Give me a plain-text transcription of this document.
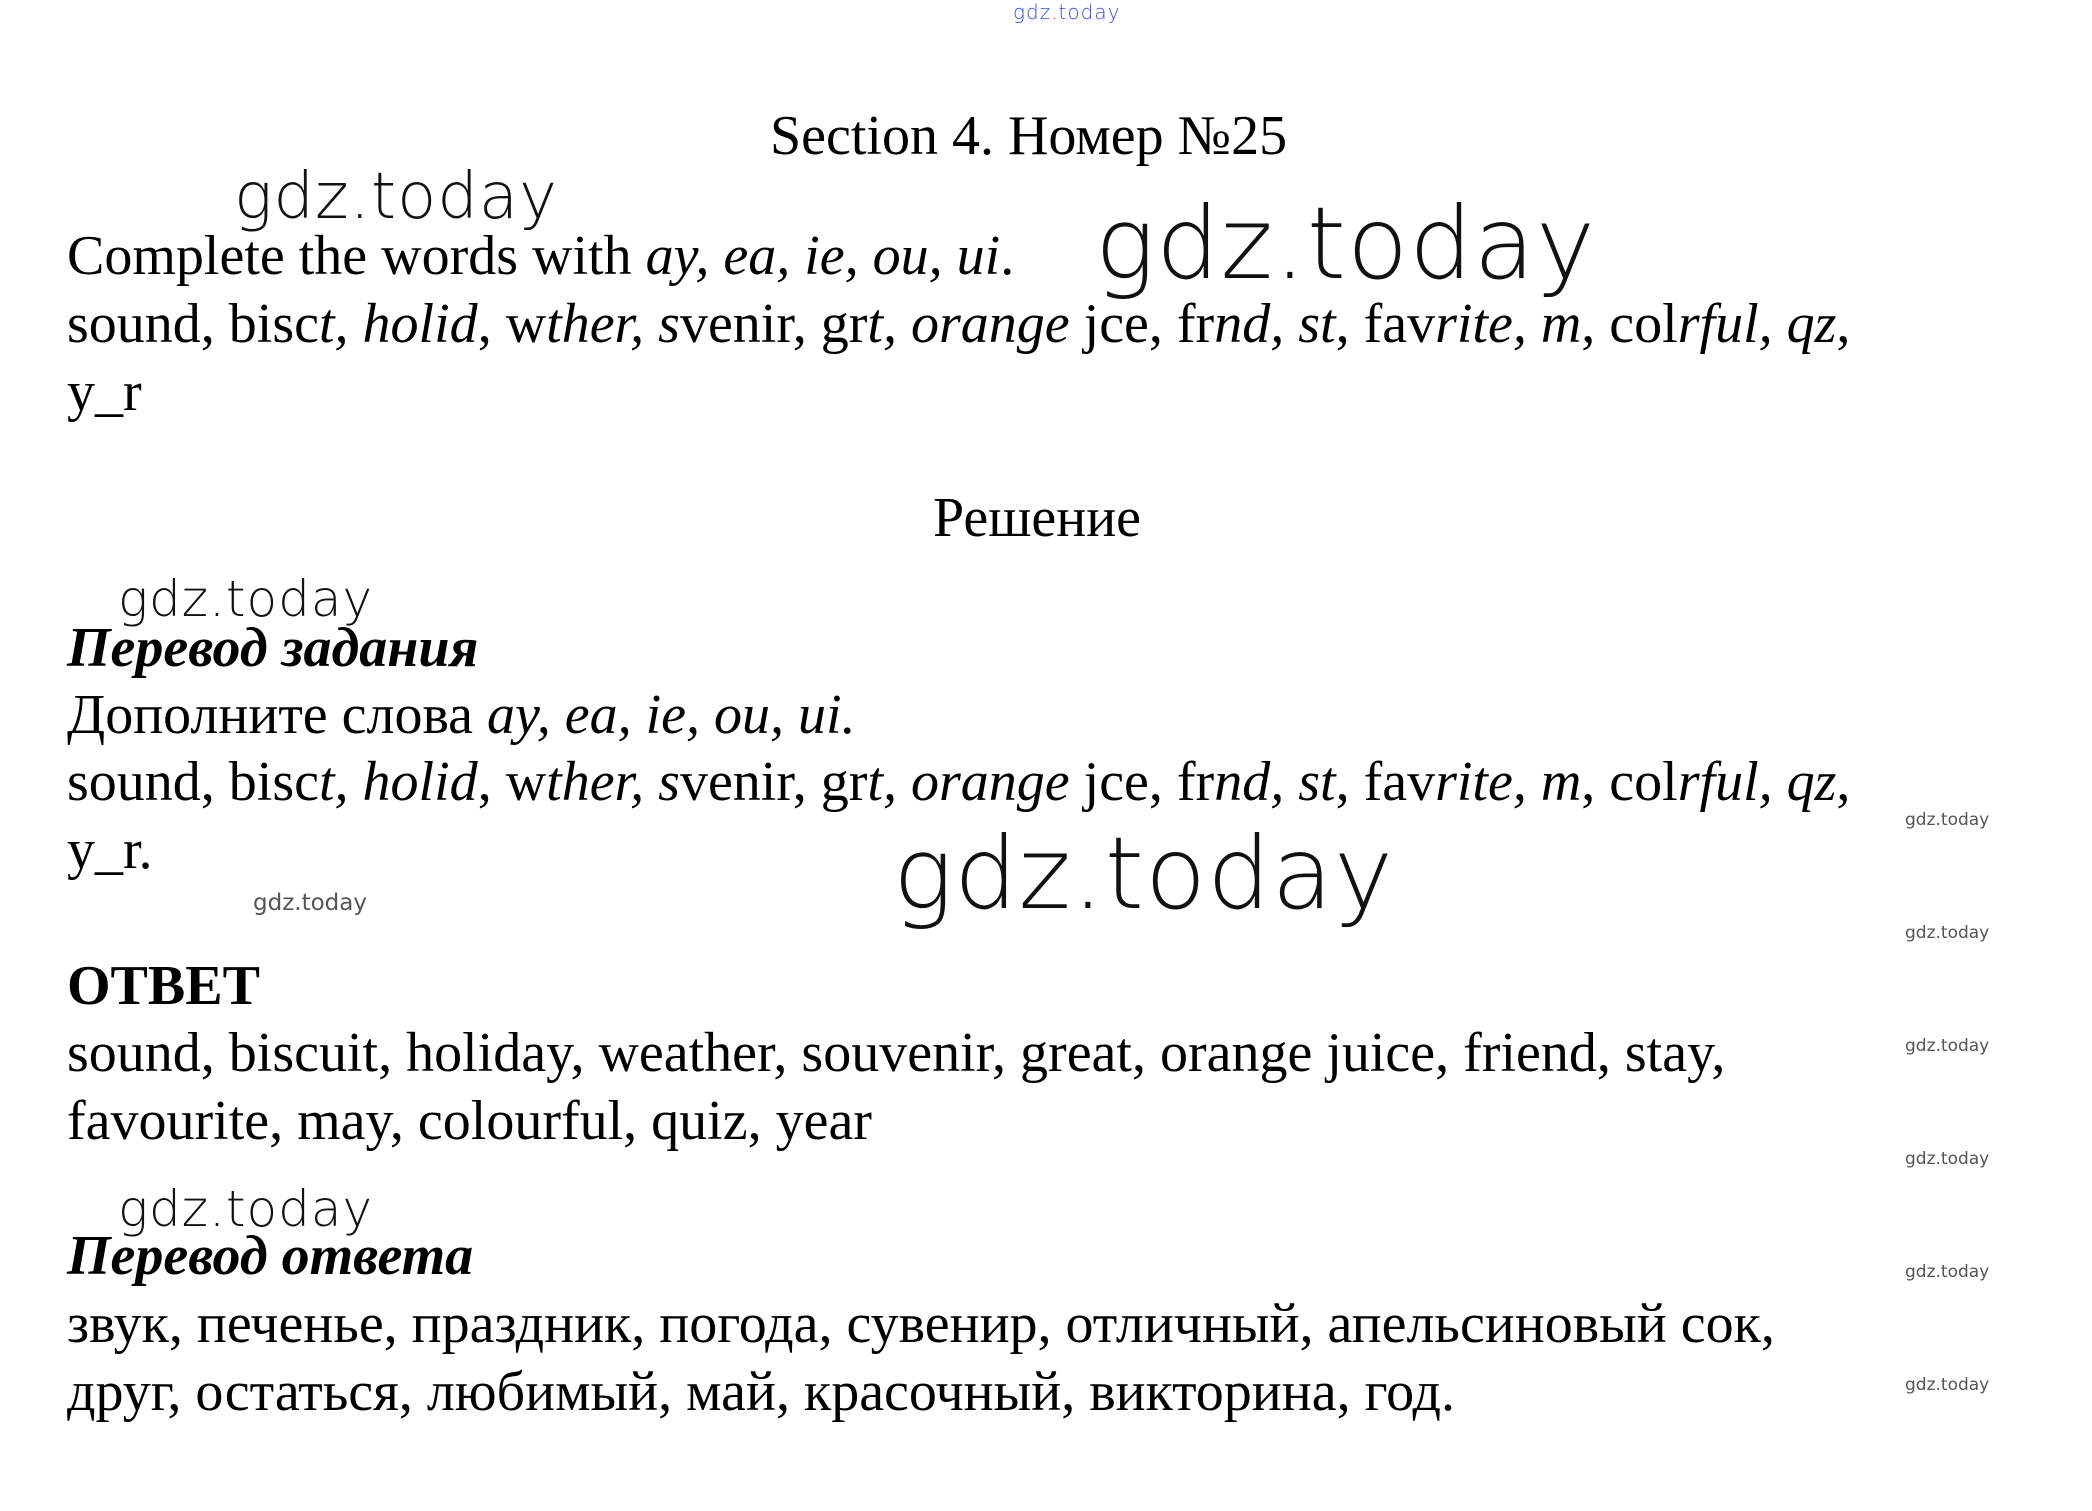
gdz.today
gdz.today	gdz.today
gdz.today
gdz.today
gdz.today
gdz.today
gdz.today
gdz.today
gdz.today
gdz.today
gdz.today
gdz.today
Section 4. Номер №25
Complete the words with ay, ea, ie, ou, ui.
sound, bisct, holid, wther, svenir, grt, orange jce, frnd, st, favrite, m, colrful, qz,
y_r
Решение
Перевод задания
Дополните слова ay, ea, ie, ou, ui.
sound, bisct, holid, wther, svenir, grt, orange jce, frnd, st, favrite, m, colrful, qz,
y_r.
ОТВЕТ
sound, biscuit, holiday, weather, souvenir, great, orange juice, friend, stay,
favourite, may, colourful, quiz, year
Перевод ответа
звук, печенье, праздник, погода, сувенир, отличный, апельсиновый сок,
друг, остаться, любимый, май, красочный, викторина, год.
